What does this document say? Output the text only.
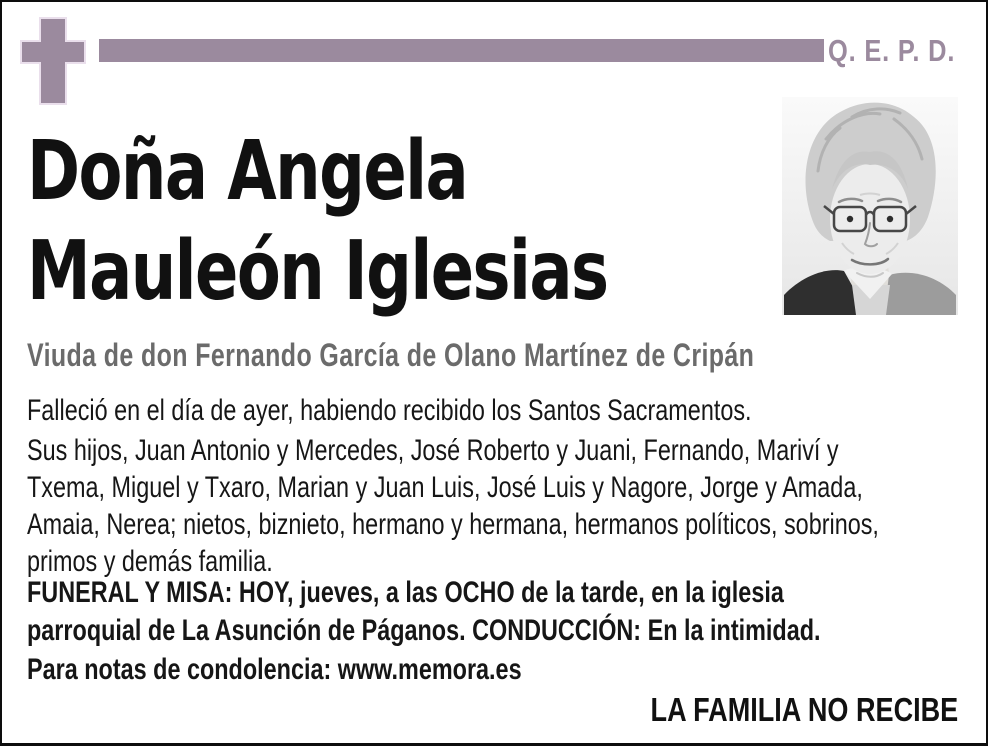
Q. E. P. D.
Doña Angela
Mauleón Iglesias
Viuda de don Fernando García de Olano Martínez de Cripán
Falleció en el día de ayer, habiendo recibido los Santos Sacramentos.
Sus hijos, Juan Antonio y Mercedes, José Roberto y Juani, Fernando, Mariví y
Txema, Miguel y Txaro, Marian y Juan Luis, José Luis y Nagore, Jorge y Amada,
Amaia, Nerea; nietos, biznieto, hermano y hermana, hermanos políticos, sobrinos,
primos y demás familia.
FUNERAL Y MISA: HOY, jueves, a las OCHO de la tarde, en la iglesia
parroquial de La Asunción de Páganos. CONDUCCIÓN: En la intimidad.
Para notas de condolencia: www.memora.es
LA FAMILIA NO RECIBE
